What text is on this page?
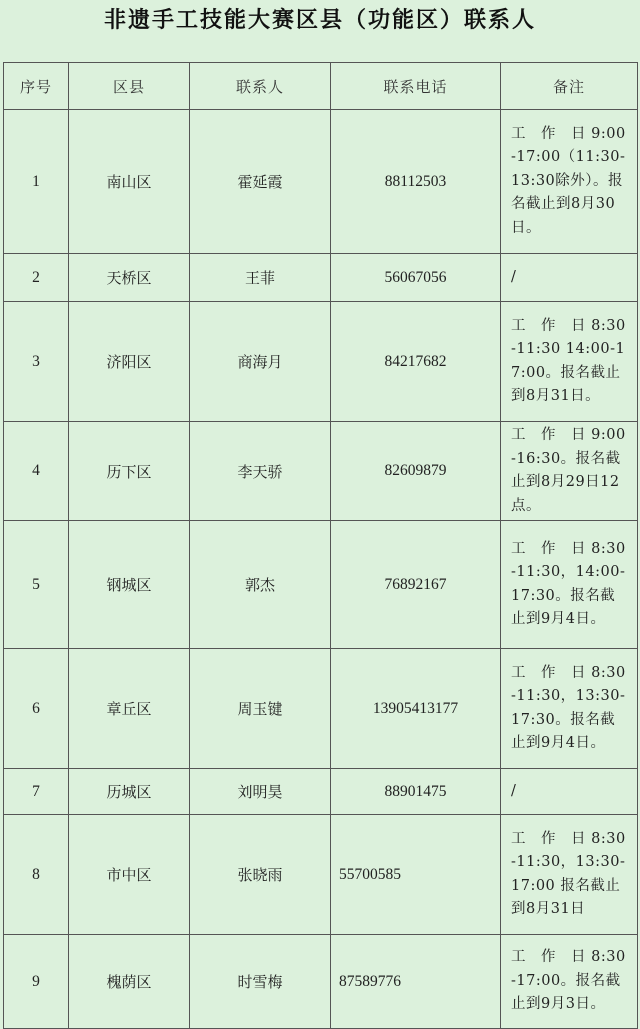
非遗手工技能大赛区县（功能区）联系人
序号	区县	联系人	联系电话	备注
1	南山区	霍延霞	88112503	工　作　日 9:00-17:00（11:30-13:30除外）。报名截止到8月30日。
2	天桥区	王菲	56067056	/
3	济阳区	商海月	84217682	工　作　日 8:30-11:30 14:00-17:00。报名截止到8月31日。
4	历下区	李天骄	82609879	工　作　日 9:00-16:30。报名截止到8月29日12点。
5	钢城区	郭杰	76892167	工　作　日 8:30-11:30，14:00-17:30。报名截止到9月4日。
6	章丘区	周玉键	13905413177	工　作　日 8:30-11:30，13:30-17:30。报名截止到9月4日。
7	历城区	刘明昊	88901475	/
8	市中区	张晓雨	55700585	工　作　日 8:30-11:30，13:30-17:00 报名截止到8月31日
9	槐荫区	时雪梅	87589776	工　作　日 8:30-17:00。报名截止到9月3日。
